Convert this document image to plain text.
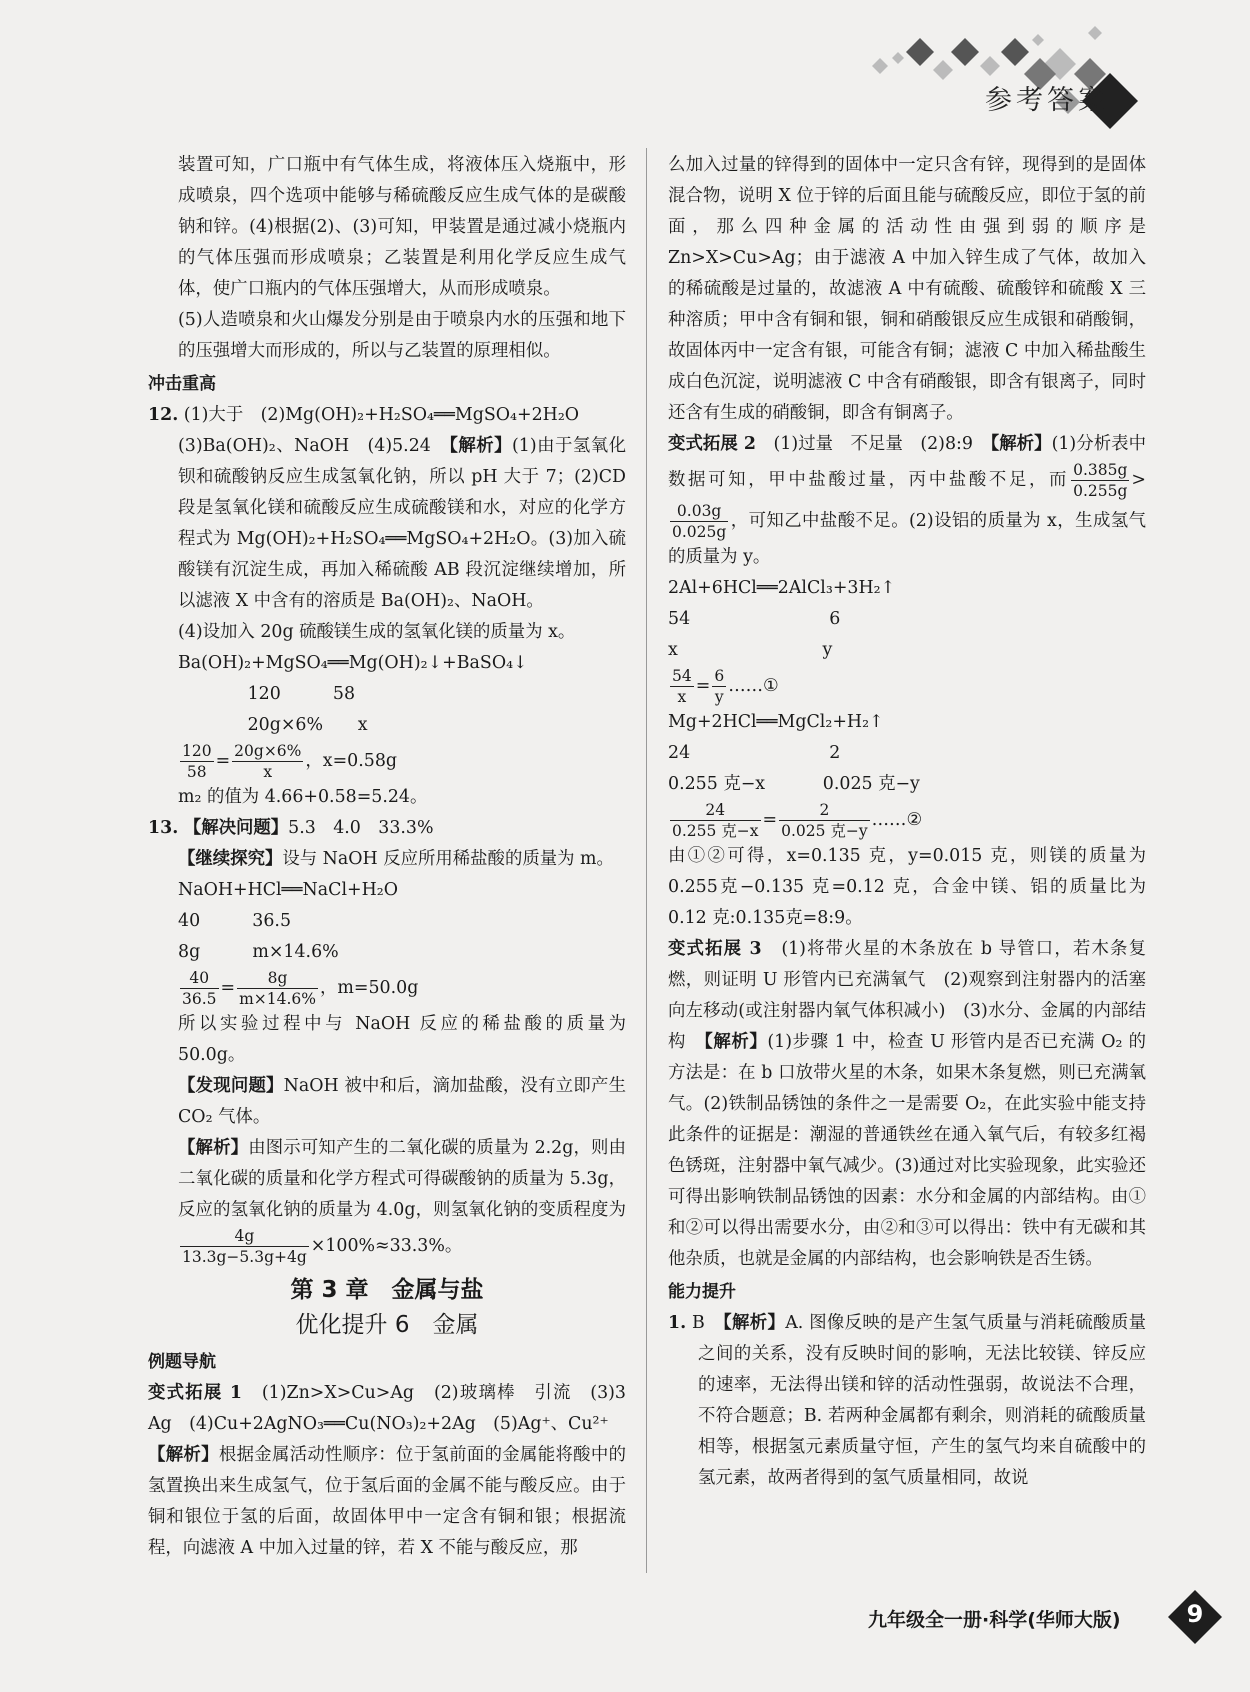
参考答案

装置可知，广口瓶中有气体生成，将液体压入烧瓶中，形成喷泉，四个选项中能够与稀硫酸反应生成气体的是碳酸钠和锌。(4)根据(2)、(3)可知，甲装置是通过减小烧瓶内的气体压强而形成喷泉；乙装置是利用化学反应生成气体，使广口瓶内的气体压强增大，从而形成喷泉。

(5)人造喷泉和火山爆发分别是由于喷泉内水的压强和地下的压强增大而形成的，所以与乙装置的原理相似。

冲击重高

12. (1)大于　(2)Mg(OH)₂+H₂SO₄══MgSO₄+2H₂O

(3)Ba(OH)₂、NaOH　(4)5.24　【解析】(1)由于氢氧化钡和硫酸钠反应生成氢氧化钠，所以 pH 大于 7；(2)CD 段是氢氧化镁和硫酸反应生成硫酸镁和水，对应的化学方程式为 Mg(OH)₂+H₂SO₄══MgSO₄+2H₂O。(3)加入硫酸镁有沉淀生成，再加入稀硫酸 AB 段沉淀继续增加，所以滤液 X 中含有的溶质是 Ba(OH)₂、NaOH。

(4)设加入 20g 硫酸镁生成的氢氧化镁的质量为 x。

Ba(OH)₂+MgSO₄══Mg(OH)₂↓+BaSO₄↓

　　　　120　　　58

　　　　20g×6%　　x

$\frac{120}{58} = \frac{20g\times 6\%}{x}$ ，x=0.58g

m₂ 的值为 4.66+0.58=5.24。

13. 【解决问题】5.3　4.0　33.3%

【继续探究】设与 NaOH 反应所用稀盐酸的质量为 m。

NaOH+HCl══NaCl+H₂O

40　　　36.5

8g　　　m×14.6%

$\frac{40}{36.5} = \frac{8g}{m\times 14.6\%}$ ，m=50.0g

所以实验过程中与 NaOH 反应的稀盐酸的质量为 50.0g。

【发现问题】NaOH 被中和后，滴加盐酸，没有立即产生 CO₂ 气体。

【解析】由图示可知产生的二氧化碳的质量为 2.2g，则由二氧化碳的质量和化学方程式可得碳酸钠的质量为 5.3g，反应的氢氧化钠的质量为 4.0g，则氢氧化钠的变质程度为
$\frac{4g}{13.3g-5.3g+4g} \times 100\%\approx 33.3\%$。

第 3 章　金属与盐

优化提升 6　金属

例题导航

变式拓展 1　 (1)Zn>X>Cu>Ag　(2)玻璃棒　引流　(3)3 Ag　(4)Cu+2AgNO₃══Cu(NO₃)₂+2Ag　(5)Ag⁺、Cu²⁺

【解析】根据金属活动性顺序：位于氢前面的金属能将酸中的氢置换出来生成氢气，位于氢后面的金属不能与酸反应。由于铜和银位于氢的后面，故固体甲中一定含有铜和银；根据流程，向滤液 A 中加入过量的锌，若 X 不能与酸反应，那

么加入过量的锌得到的固体中一定只含有锌，现得到的是固体混合物，说明 X 位于锌的后面且能与硫酸反应，即位于氢的前面，那么四种金属的活动性由强到弱的顺序是 Zn>X>Cu>Ag；由于滤液 A 中加入锌生成了气体，故加入的稀硫酸是过量的，故滤液 A 中有硫酸、硫酸锌和硫酸 X 三种溶质；甲中含有铜和银，铜和硝酸银反应生成银和硝酸铜，故固体丙中一定含有银，可能含有铜；滤液 C 中加入稀盐酸生成白色沉淀，说明滤液 C 中含有硝酸银，即含有银离子，同时还含有生成的硝酸铜，即含有铜离子。

变式拓展 2　 (1)过量　不足量　(2)8:9　【解析】(1)分析表中数据可知，甲中盐酸过量，丙中盐酸不足，而 $\frac{0.385g}{0.255g}$ >
$\frac{0.03g}{0.025g}$ ，可知乙中盐酸不足。(2)设铝的质量为 x，生成氢气的质量为 y。

2Al+6HCl══2AlCl₃+3H₂↑

54　　　　　　　　6

x　　　　　　　　 y

$\frac{54}{x} = \frac{6}{y}$ ……①

Mg+2HCl══MgCl₂+H₂↑

24　　　　　　　　2

0.255 克−x　　　 0.025 克−y

$\frac{24}{\text{0.255 克−x}} = \frac{2}{\text{0.025 克−y}}$ ……②

由①②可得，x=0.135 克，y=0.015 克，则镁的质量为 0.255克−0.135 克=0.12 克，合金中镁、铝的质量比为 0.12 克:0.135克=8:9。

变式拓展 3　 (1)将带火星的木条放在 b 导管口，若木条复燃，则证明 U 形管内已充满氧气　(2)观察到注射器内的活塞向左移动(或注射器内氧气体积减小)　(3)水分、金属的内部结构　【解析】(1)步骤 1 中，检查 U 形管内是否已充满 O₂ 的方法是：在 b 口放带火星的木条，如果木条复燃，则已充满氧气。(2)铁制品锈蚀的条件之一是需要 O₂，在此实验中能支持此条件的证据是：潮湿的普通铁丝在通入氧气后，有较多红褐色锈斑，注射器中氧气减少。(3)通过对比实验现象，此实验还可得出影响铁制品锈蚀的因素：水分和金属的内部结构。由①和②可以得出需要水分，由②和③可以得出：铁中有无碳和其他杂质，也就是金属的内部结构，也会影响铁是否生锈。

能力提升

1. B　【解析】A. 图像反映的是产生氢气质量与消耗硫酸质量之间的关系，没有反映时间的影响，无法比较镁、锌反应的速率，无法得出镁和锌的活动性强弱，故说法不合理，不符合题意；B. 若两种金属都有剩余，则消耗的硫酸质量相等，根据氢元素质量守恒，产生的氢气均来自硫酸中的氢元素，故两者得到的氢气质量相同，故说

九年级全一册·科学(华师大版)	9
